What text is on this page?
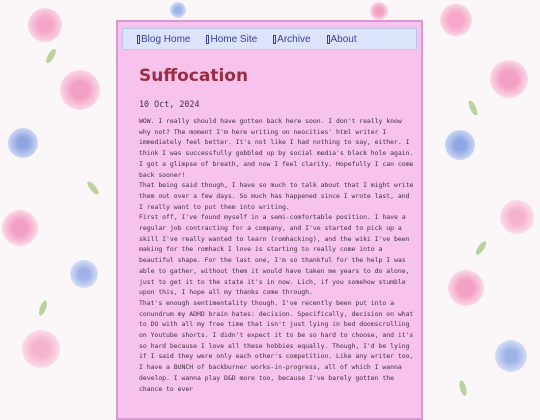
Blog Home Home Site Archive About
Suffocation
10 Oct, 2024

WOW. I really should have gotten back here soon. I don't really know why not? The moment I'm here writing on neocities' html writer I immediately feel better. It's not like I had nothing to say, either. I think I was successfully gobbled up by social media's black hole again. I got a glimpse of breath, and now I feel clarity. Hopefully I can come back sooner!

That being said though, I have so much to talk about that I might write them out over a few days. So much has happened since I wrote last, and I really want to put them into writing.

First off, I've found myself in a semi-comfortable position. I have a regular job contracting for a company, and I've started to pick up a skill I've really wanted to learn (romhacking), and the wiki I've been making for the romhack I love is starting to really come into a beautiful shape. For the last one, I'm so thankful for the help I was able to gather, without them it would have taken me years to do alone, just to get it to the state it's in now. Lich, if you somehow stumble upon this, I hope all my thanks come through.

That's enough sentimentality though. I've recently been put into a conundrum my ADHD brain hates: decision. Specifically, decision on what to DO with all my free time that isn't just lying in bed doomscrolling on Youtube shorts. I didn't expect it to be so hard to choose, and it's so hard because I love all these hobbies equally. Though, I'd be lying if I said they were only each other's competition. Like any writer too, I have a BUNCH of backburner works-in-progress, all of which I wanna develop. I wanna play D&D more too, because I've barely gotten the chance to ever
